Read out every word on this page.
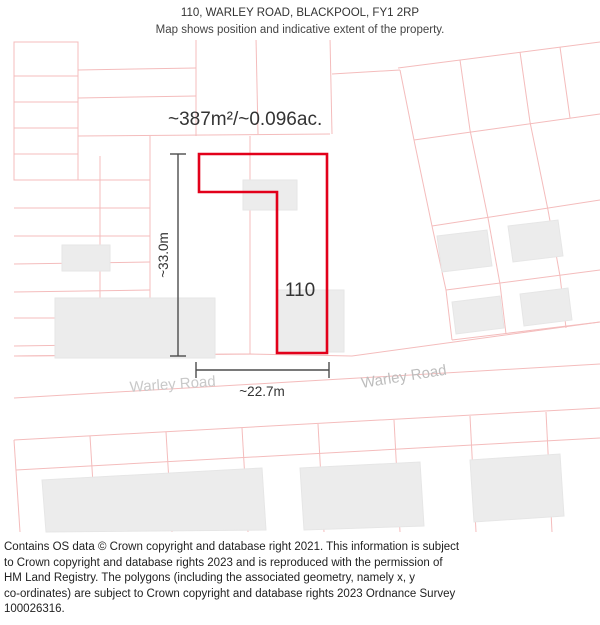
110, WARLEY ROAD, BLACKPOOL, FY1 2RP
Map shows position and indicative extent of the property.
~33.0m
~22.7m
~387m²/~0.096ac.
110
Warley Road	Warley Road

Contains OS data © Crown copyright and database right 2021. This information is subject

to Crown copyright and database rights 2023 and is reproduced with the permission of

HM Land Registry. The polygons (including the associated geometry, namely x, y

co-ordinates) are subject to Crown copyright and database rights 2023 Ordnance Survey

100026316.
